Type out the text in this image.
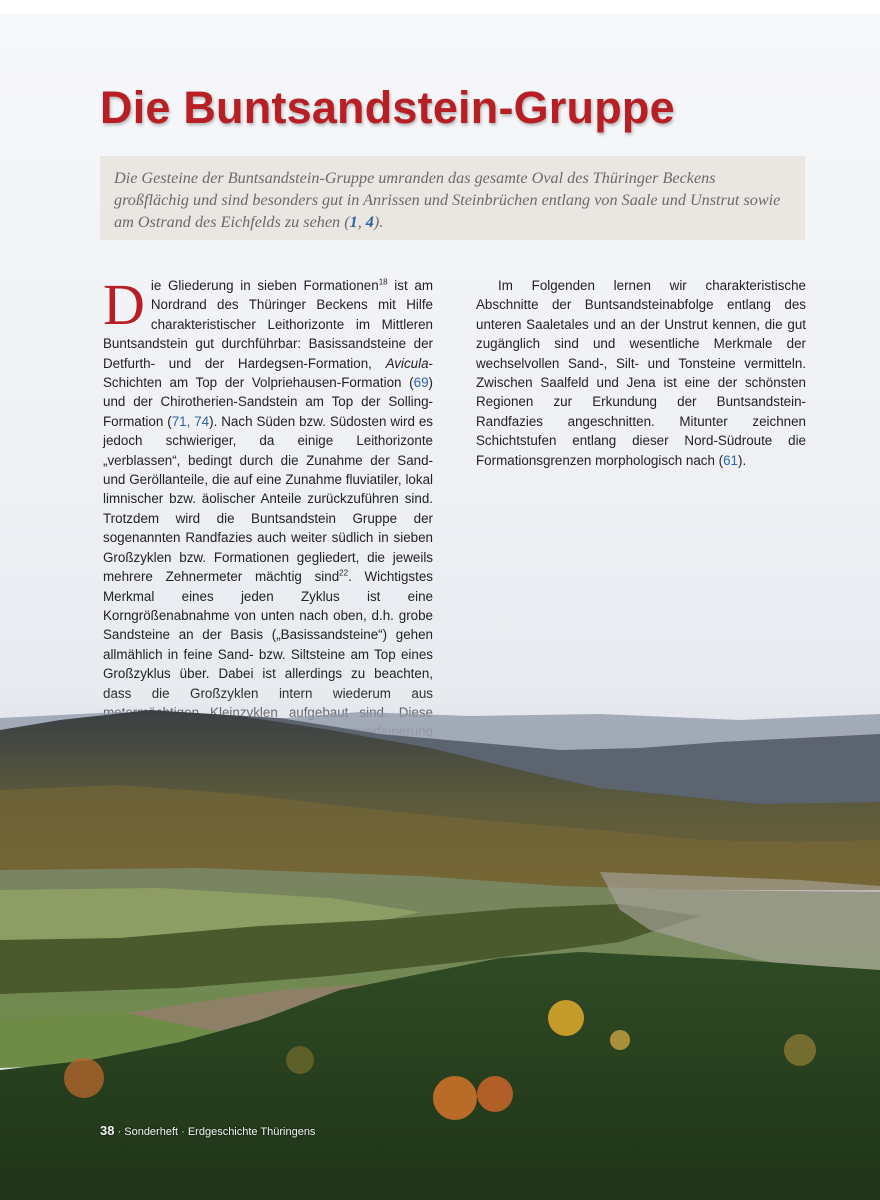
Die Buntsandstein-Gruppe

Die Gesteine der Buntsandstein-Gruppe umranden das gesamte Oval des Thüringer Beckens großflächig und sind besonders gut in Anrissen und Steinbrüchen entlang von Saale und Unstrut sowie am Ostrand des Eichfelds zu sehen (1, 4).

Die Gliederung in sieben Formationen$^{18}$ ist am Nordrand des Thüringer Beckens mit Hilfe charakteristischer Leithorizonte im Mittleren Buntsandstein gut durchführbar: Basissandsteine der Detfurth- und der Hardegsen-Formation, Avicula-Schichten am Top der Volpriehausen-Formation (69) und der Chirotherien-Sandstein am Top der Solling-Formation (71, 74). Nach Süden bzw. Südosten wird es jedoch schwieriger, da einige Leithorizonte „verblassen“, bedingt durch die Zunahme der Sand- und Geröllanteile, die auf eine Zunahme fluviatiler, lokal limnischer bzw. äolischer Anteile zurückzuführen sind. Trotzdem wird die Buntsandstein Gruppe der sogenannten Randfazies auch weiter südlich in sieben Großzyklen bzw. Formationen gegliedert, die jeweils mehrere Zehnermeter mächtig sind$^{22}$. Wichtigstes Merkmal eines jeden Zyklus ist eine Korngrößenabnahme von unten nach oben, d.h. grobe Sandsteine an der Basis („Basissandsteine“) gehen allmählich in feine Sand- bzw. Siltsteine am Top eines Großzyklus über. Dabei ist allerdings zu beachten,

Im Folgenden lernen wir charakteristische Abschnitte der Buntsandsteinabfolge entlang des unteren Saaletales und an der Unstrut kennen, die gut zugänglich sind und wesentliche Merkmale der wechselvollen Sand-, Silt- und Tonsteine vermitteln. Zwischen Saalfeld und Jena ist eine der schönsten Regionen zur Erkundung der Buntsandstein-Randfazies angeschnitten. Mitunter zeichnen Schichtstufen entlang dieser Nord-Südroute die Formationsgrenzen morphologisch nach (61).

38 · Sonderheft · Erdgeschichte Thüringens
